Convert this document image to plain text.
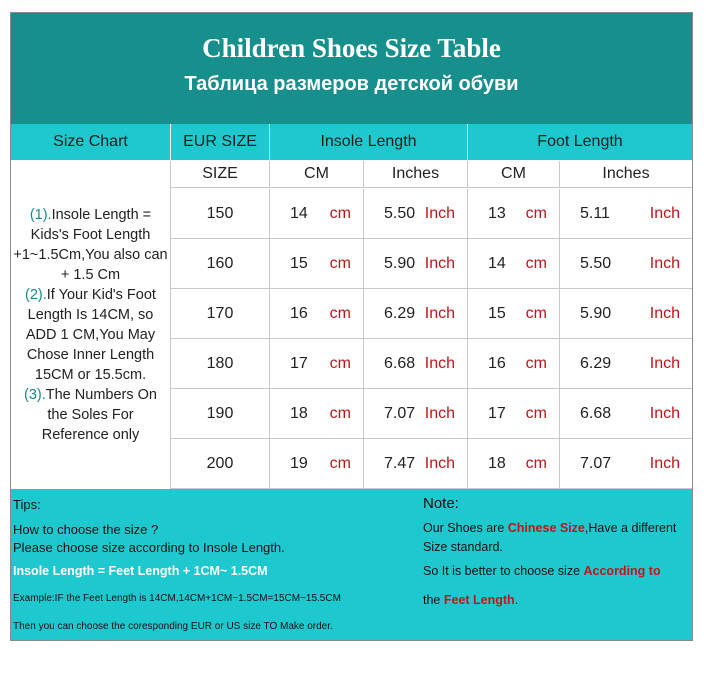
Children Shoes Size Table
Таблица размеров детской обуви
Size Chart	EUR SIZE	Insole Length	Foot Length
SIZE	CM	Inches	CM	Inches
(1).Insole Length = Kids's Foot Length +1~1.5Cm,You also can + 1.5 Cm
(2).If Your Kid's Foot Length Is 14CM, so ADD 1 CM,You May Chose Inner Length 15CM or 15.5cm.
(3).The Numbers On the Soles For Reference only
150	14 cm 5.50 Inch 13 cm 5.11 Inch
160	15 cm 5.90 Inch 14 cm 5.50 Inch
170	16 cm 6.29 Inch 15 cm 5.90 Inch
180	17 cm 6.68 Inch 16 cm 6.29 Inch
190	18 cm 7.07 Inch 17 cm 6.68 Inch
200	19 cm 7.47 Inch 18 cm 7.07 Inch
Tips:
How to choose the size ?
Please choose size according to Insole Length.
Insole Length = Feet Length + 1CM~ 1.5CM
Example:IF the Feet Length is 14CM,14CM+1CM~1.5CM=15CM~15.5CM
Then you can choose the coresponding EUR or US size TO Make order.
Note:
Our Shoes are Chinese Size,Have a different
Size standard.
So It is better to choose size According to
the Feet Length.
